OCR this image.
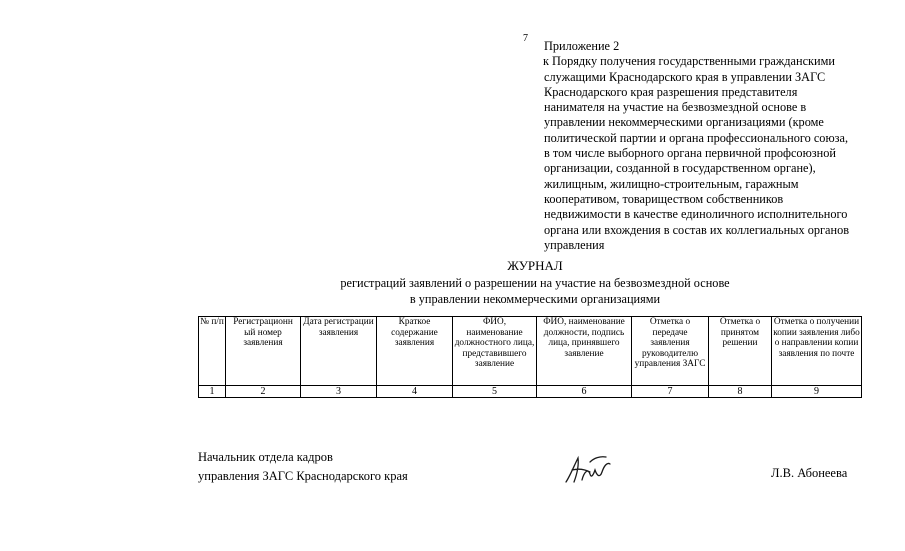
7
Приложение 2
к Порядку получения государственными гражданскими
служащими Краснодарского края в управлении ЗАГС
Краснодарского края разрешения представителя
нанимателя на участие на безвозмездной основе в
управлении некоммерческими организациями (кроме
политической партии и органа профессионального союза,
в том числе выборного органа первичной профсоюзной
организации, созданной в государственном органе),
жилищным, жилищно-строительным, гаражным
кооперативом, товариществом собственников
недвижимости в качестве единоличного исполнительного
органа или вхождения в состав их коллегиальных органов
управления
ЖУРНАЛ
регистраций заявлений о разрешении на участие на безвозмездной основе
в управлении некоммерческими организациями
№ п/п	Регистрационн ый номер заявления	Дата регистрации заявления	Краткое содержание заявления	ФИО, наименование должностного лица, представившего заявление	ФИО, наименование должности, подпись лица, принявшего заявление	Отметка о передаче заявления руководителю управления ЗАГС	Отметка о принятом решении	Отметка о получении копии заявления либо о направлении копии заявления по почте
1	2	3	4	5	6	7	8	9
Начальник отдела кадров
управления ЗАГС Краснодарского края	Л.В. Абонеева
